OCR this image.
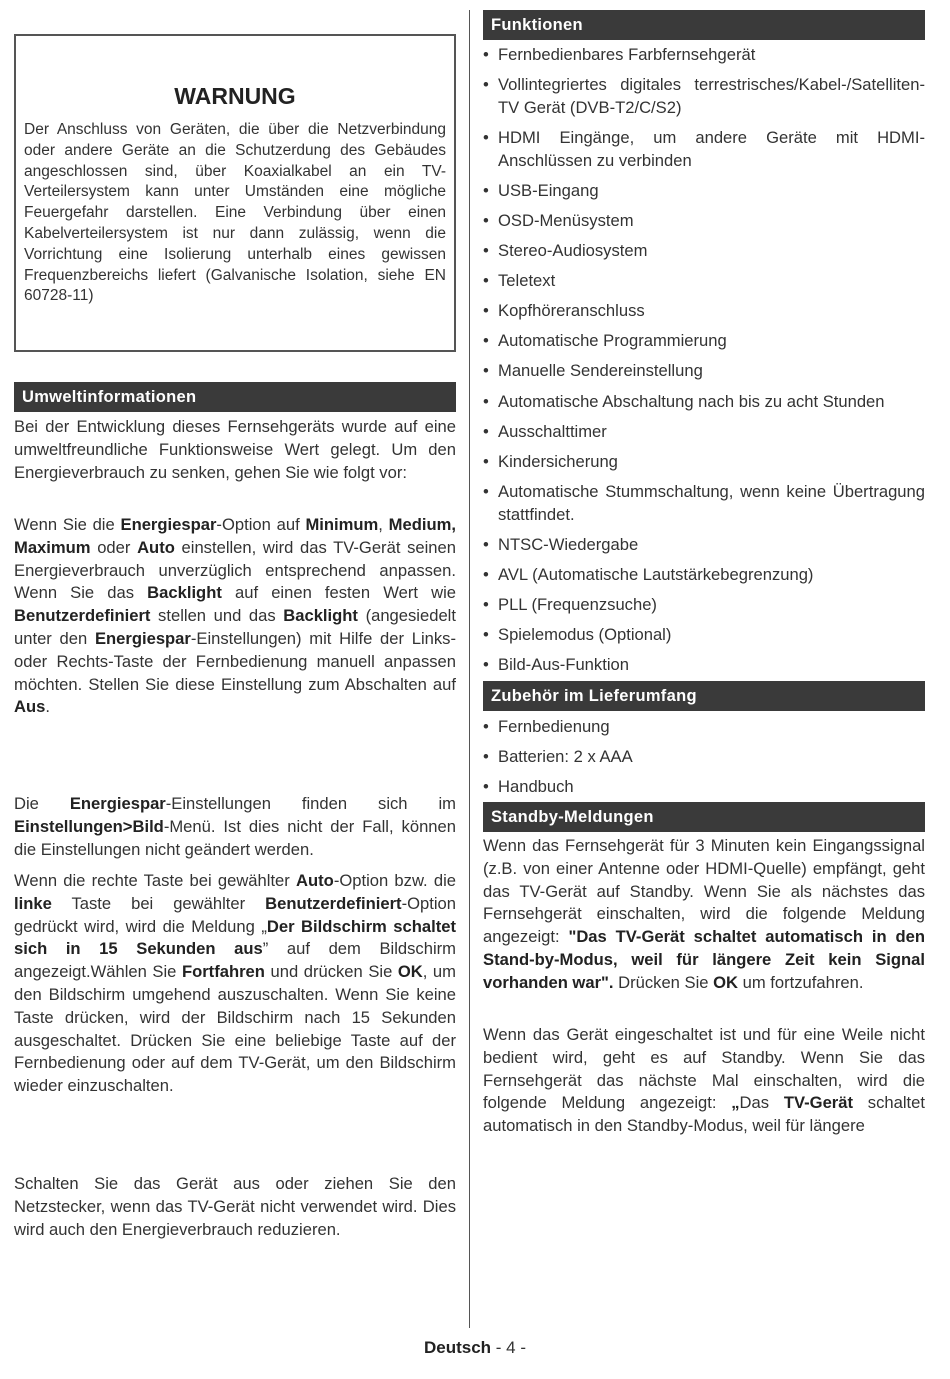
WARNUNG
Der Anschluss von Geräten, die über die Netzverbindung oder andere Geräte an die Schutzerdung des Gebäudes angeschlossen sind, über Koaxialkabel an ein TV-Verteilersystem kann unter Umständen eine mögliche Feuergefahr darstellen. Eine Verbindung über einen Kabelverteilersystem ist nur dann zulässig, wenn die Vorrichtung eine Isolierung unterhalb eines gewissen Frequenzbereichs liefert (Galvanische Isolation, siehe EN 60728-11)
Umweltinformationen

Bei der Entwicklung dieses Fernsehgeräts wurde auf eine umweltfreundliche Funktionsweise Wert gelegt. Um den Energieverbrauch zu senken, gehen Sie wie folgt vor:

Wenn Sie die Energiespar-Option auf Minimum, Medium, Maximum oder Auto einstellen, wird das TV-Gerät seinen Energieverbrauch unverzüglich entsprechend anpassen. Wenn Sie das Backlight auf einen festen Wert wie Benutzerdefiniert stellen und das Backlight (angesiedelt unter den Energiespar-Einstellungen) mit Hilfe der Links- oder Rechts-Taste der Fernbedienung manuell anpassen möchten. Stellen Sie diese Einstellung zum Abschalten auf Aus.

Die Energiespar-Einstellungen finden sich im Einstellungen>Bild-Menü. Ist dies nicht der Fall, können die Einstellungen nicht geändert werden.

Wenn die rechte Taste bei gewählter Auto-Option bzw. die linke Taste bei gewählter Benutzerdefiniert-Option gedrückt wird, wird die Meldung „Der Bildschirm schaltet sich in 15 Sekunden aus” auf dem Bildschirm angezeigt.Wählen Sie Fortfahren und drücken Sie OK, um den Bildschirm umgehend auszuschalten. Wenn Sie keine Taste drücken, wird der Bildschirm nach 15 Sekunden ausgeschaltet. Drücken Sie eine beliebige Taste auf der Fernbedienung oder auf dem TV-Gerät, um den Bildschirm wieder einzuschalten.

Schalten Sie das Gerät aus oder ziehen Sie den Netzstecker, wenn das TV-Gerät nicht verwendet wird. Dies wird auch den Energieverbrauch reduzieren.

Funktionen
• Fernbedienbares Farbfernsehgerät
• Vollintegriertes digitales terrestrisches/Kabel-/Satelliten-TV Gerät (DVB-T2/C/S2)
• HDMI Eingänge, um andere Geräte mit HDMI-Anschlüssen zu verbinden
• USB-Eingang
• OSD-Menüsystem
• Stereo-Audiosystem
• Teletext
• Kopfhöreranschluss
• Automatische Programmierung
• Manuelle Sendereinstellung
• Automatische Abschaltung nach bis zu acht Stunden
• Ausschalttimer
• Kindersicherung
• Automatische Stummschaltung, wenn keine Übertragung stattfindet.
• NTSC-Wiedergabe
• AVL (Automatische Lautstärkebegrenzung)
• PLL (Frequenzsuche)
• Spielemodus (Optional)
• Bild-Aus-Funktion
Zubehör im Lieferumfang
• Fernbedienung
• Batterien: 2 x AAA
• Handbuch
Standby-Meldungen

Wenn das Fernsehgerät für 3 Minuten kein Eingangssignal (z.B. von einer Antenne oder HDMI-Quelle) empfängt, geht das TV-Gerät auf Standby. Wenn Sie als nächstes das Fernsehgerät einschalten, wird die folgende Meldung angezeigt: "Das TV-Gerät schaltet automatisch in den Stand-by-Modus, weil für längere Zeit kein Signal vorhanden war". Drücken Sie OK um fortzufahren.

Wenn das Gerät eingeschaltet ist und für eine Weile nicht bedient wird, geht es auf Standby. Wenn Sie das Fernsehgerät das nächste Mal einschalten, wird die folgende Meldung angezeigt: „Das TV-Gerät schaltet automatisch in den Standby-Modus, weil für längere

Deutsch - 4 -
